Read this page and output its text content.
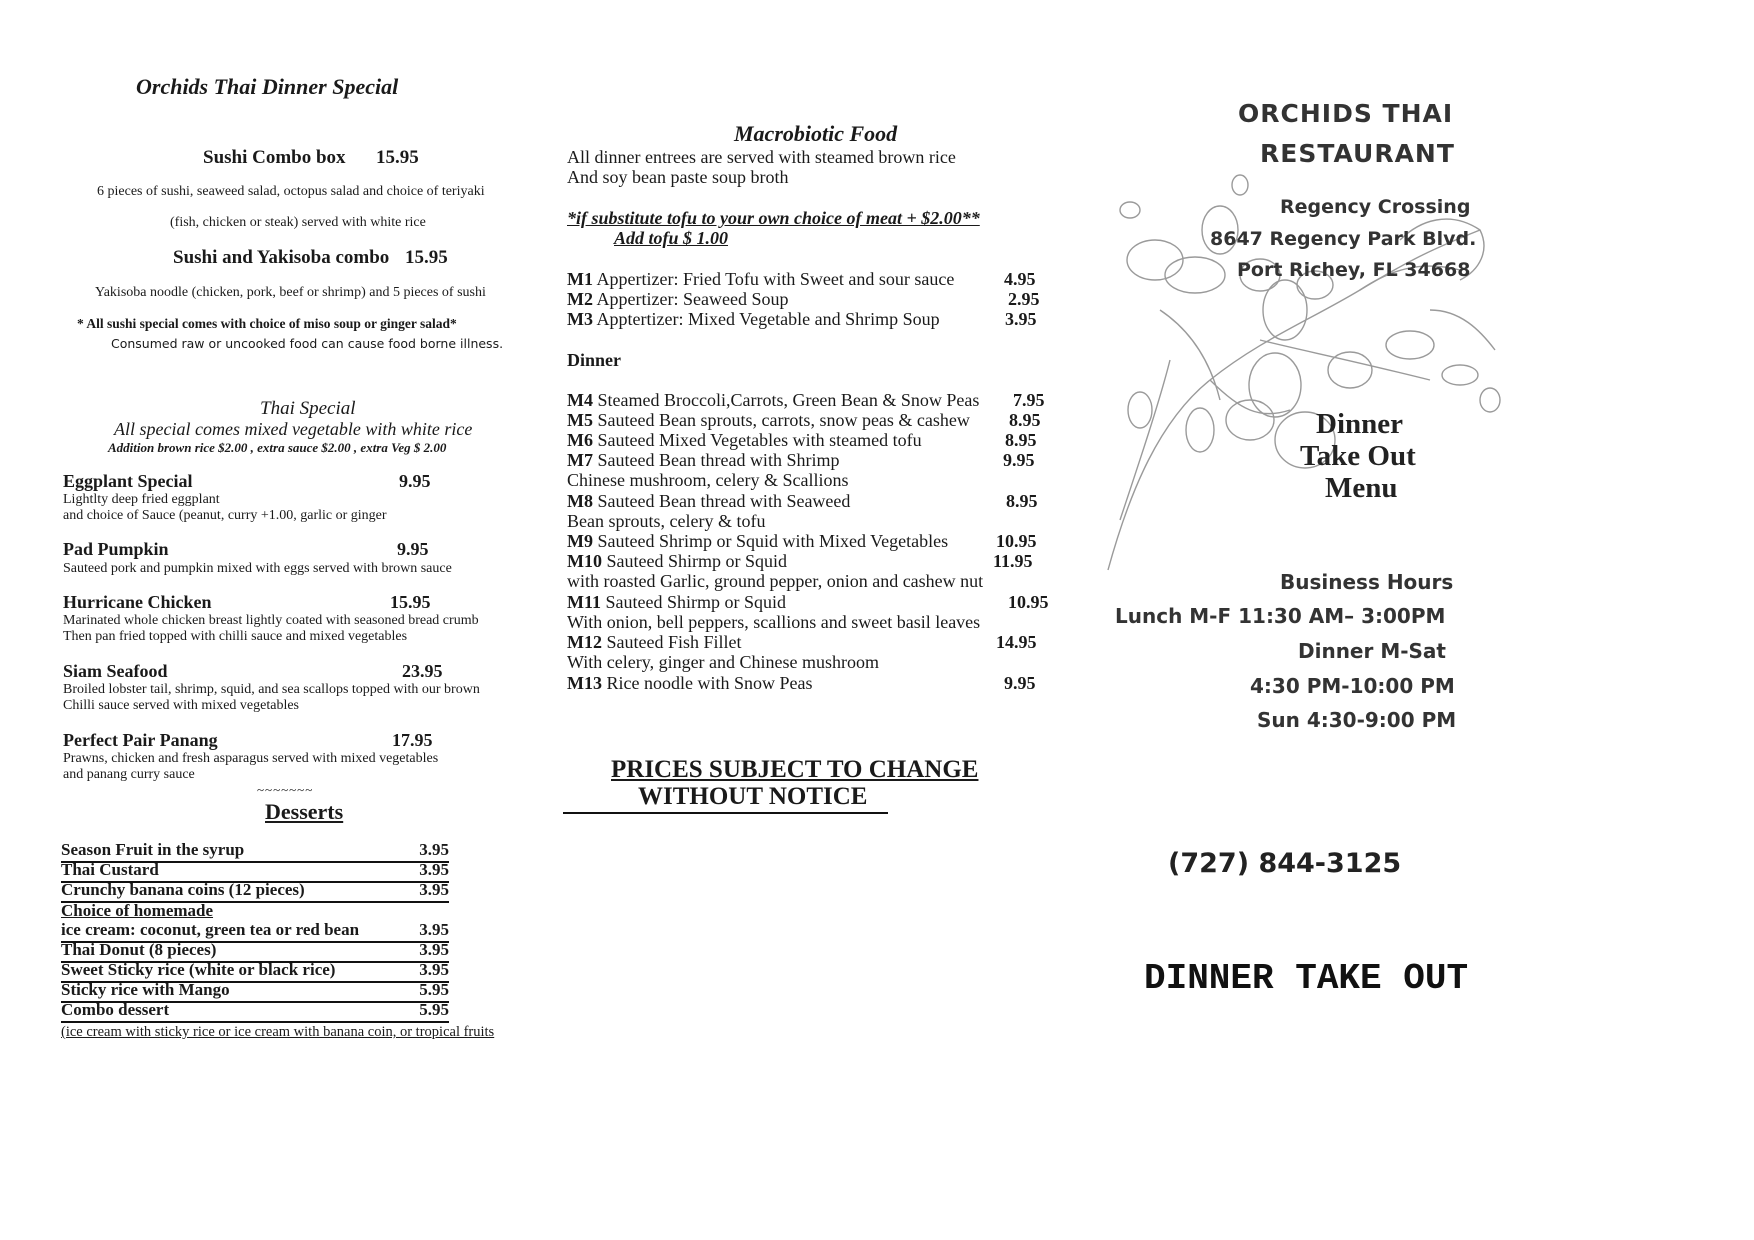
Orchids Thai Dinner Special
Sushi Combo box 15.95
6 pieces of sushi, seaweed salad, octopus salad and choice of teriyaki
(fish, chicken or steak) served with white rice
Sushi and Yakisoba combo 15.95
Yakisoba noodle (chicken, pork, beef or shrimp) and 5 pieces of sushi
* All sushi special comes with choice of miso soup or ginger salad*
Consumed raw or uncooked food can cause food borne illness.
Thai Special
All special comes mixed vegetable with white rice
Addition brown rice $2.00 , extra sauce $2.00 , extra Veg $ 2.00
Eggplant Special	9.95
Lightlty deep fried eggplant
and choice of Sauce (peanut, curry +1.00, garlic or ginger
Pad Pumpkin	9.95
Sauteed pork and pumpkin mixed with eggs served with brown sauce
Hurricane Chicken	15.95
Marinated whole chicken breast lightly coated with seasoned bread crumb
Then pan fried topped with chilli sauce and mixed vegetables
Siam Seafood	23.95
Broiled lobster tail, shrimp, squid, and sea scallops topped with our brown
Chilli sauce served with mixed vegetables
Perfect Pair Panang	17.95
Prawns, chicken and fresh asparagus served with mixed vegetables
and panang curry sauce
~~~~~~~
Desserts
Season Fruit in the syrup	3.95
Thai Custard	3.95
Crunchy banana coins (12 pieces)	3.95
Choice of homemade
ice cream: coconut, green tea or red bean	3.95
Thai Donut (8 pieces)	3.95
Sweet Sticky rice (white or black rice)	3.95
Sticky rice with Mango	5.95
Combo dessert	5.95
(ice cream with sticky rice or ice cream with banana coin, or tropical fruits
Macrobiotic Food
All dinner entrees are served with steamed brown rice
And soy bean paste soup broth
*if substitute tofu to your own choice of meat + $2.00**
Add tofu $ 1.00
M1 Appertizer: Fried Tofu with Sweet and sour sauce	4.95
M2 Appertizer: Seaweed Soup	2.95
M3 Apptertizer: Mixed Vegetable and Shrimp Soup	3.95
Dinner
M4 Steamed Broccoli,Carrots, Green Bean & Snow Peas 7.95
M5 Sauteed Bean sprouts, carrots, snow peas & cashew 8.95
M6 Sauteed Mixed Vegetables with steamed tofu	8.95
M7 Sauteed Bean thread with Shrimp	9.95
Chinese mushroom, celery & Scallions
M8 Sauteed Bean thread with Seaweed	8.95
Bean sprouts, celery & tofu
M9 Sauteed Shrimp or Squid with Mixed Vegetables	10.95
M10 Sauteed Shirmp or Squid	11.95
with roasted Garlic, ground pepper, onion and cashew nut
M11 Sauteed Shirmp or Squid	10.95
With onion, bell peppers, scallions and sweet basil leaves
M12 Sauteed Fish Fillet	14.95
With celery, ginger and Chinese mushroom
M13 Rice noodle with Snow Peas	9.95
PRICES SUBJECT TO CHANGE
WITHOUT NOTICE
ORCHIDS THAI
RESTAURANT
Regency Crossing
8647 Regency Park Blvd.
Port Richey, FL 34668
Dinner
Take Out
Menu
Business Hours
Lunch M-F 11:30 AM– 3:00PM
Dinner M-Sat
4:30 PM-10:00 PM
Sun 4:30-9:00 PM
(727) 844-3125
DINNER TAKE OUT
